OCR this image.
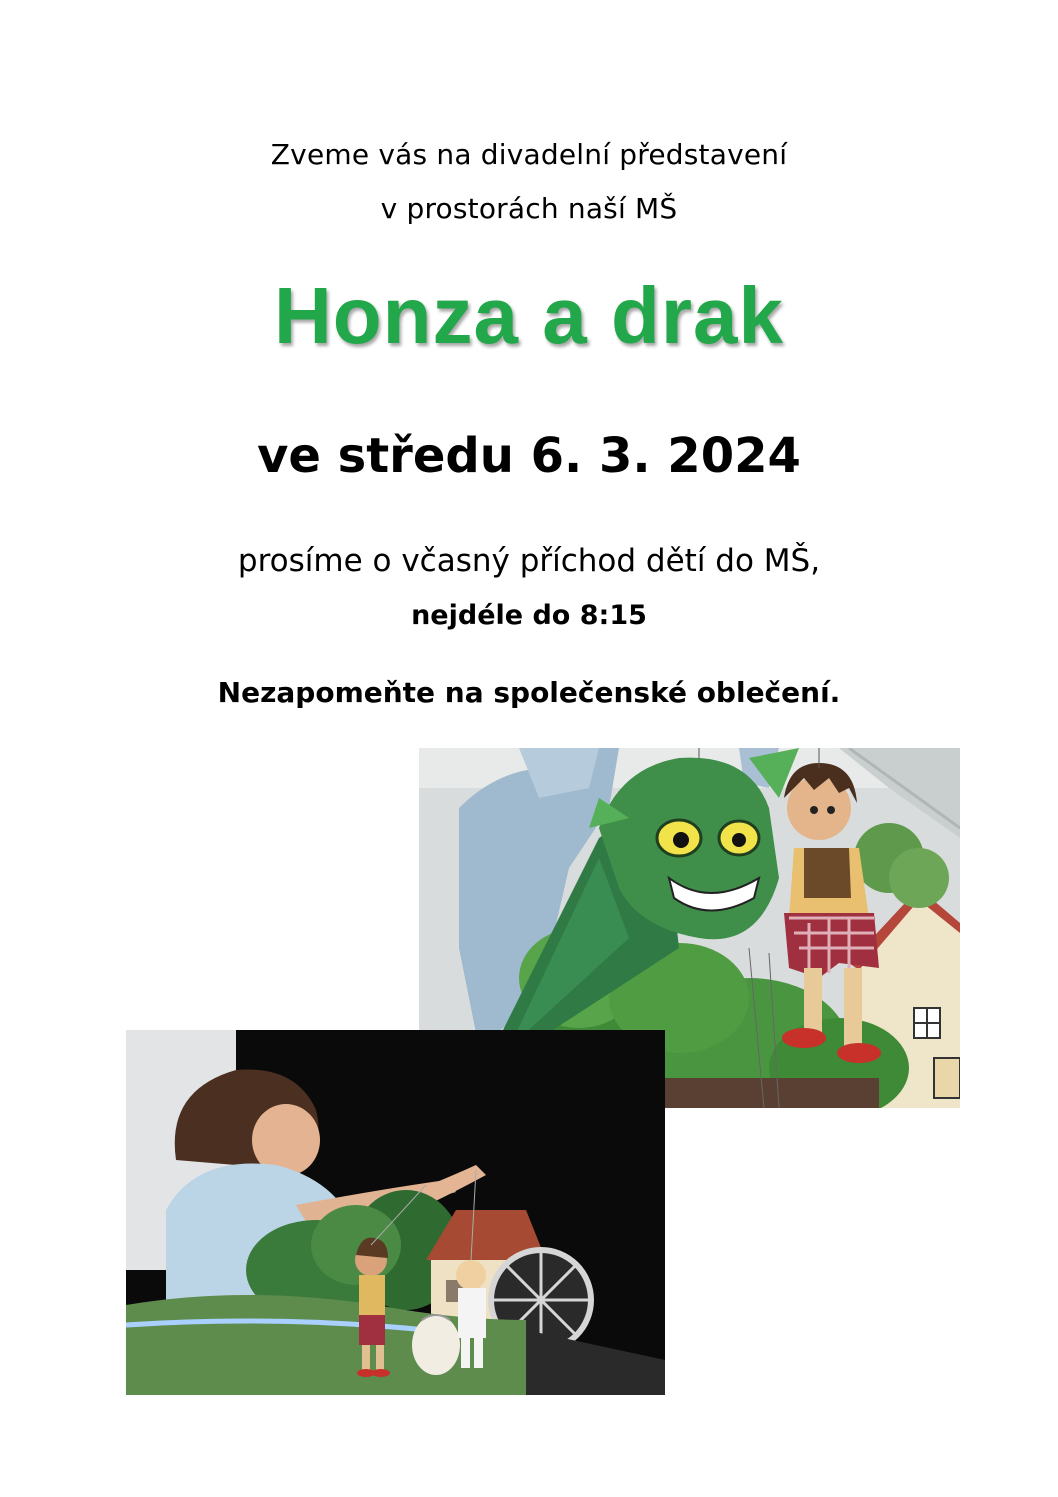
Zveme vás na divadelní představení
v prostorách naší MŠ
Honza a drak
ve středu 6. 3. 2024
prosíme o včasný příchod dětí do MŠ,
nejdéle do 8:15
Nezapomeňte na společenské oblečení.
